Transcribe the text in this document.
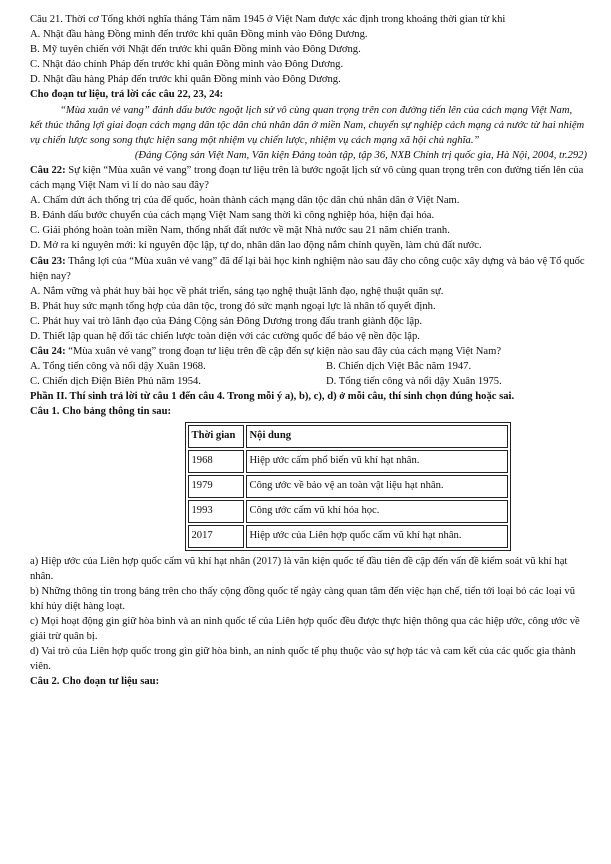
Câu 21. Thời cơ Tổng khởi nghĩa tháng Tám năm 1945 ở Việt Nam được xác định trong khoảng thời gian từ khi

A. Nhật đầu hàng Đồng minh đến trước khi quân Đồng minh vào Đông Dương.

B. Mỹ tuyên chiến với Nhật đến trước khi quân Đồng minh vào Đông Dương.

C. Nhật đảo chính Pháp đến trước khi quân Đồng minh vào Đông Dương.

D. Nhật đầu hàng Pháp đến trước khi quân Đồng minh vào Đông Dương.

Cho đoạn tư liệu, trả lời các câu 22, 23, 24:

“Mùa xuân vẻ vang” đánh dấu bước ngoặt lịch sử vô cùng quan trọng trên con đường tiến lên của cách mạng Việt Nam, kết thúc thắng lợi giai đoạn cách mạng dân tộc dân chủ nhân dân ở miền Nam, chuyển sự nghiệp cách mạng cả nước từ hai nhiệm vụ chiến lược song song thực hiện sang một nhiệm vụ chiến lược, nhiệm vụ cách mạng xã hội chủ nghĩa.”

(Đảng Cộng sản Việt Nam, Văn kiện Đảng toàn tập, tập 36, NXB Chính trị quốc gia, Hà Nội, 2004, tr.292)

Câu 22: Sự kiện “Mùa xuân vẻ vang” trong đoạn tư liệu trên là bước ngoặt lịch sử vô cùng quan trọng trên con đường tiến lên của cách mạng Việt Nam vì lí do nào sau đây?

A. Chấm dứt ách thống trị của đế quốc, hoàn thành cách mạng dân tộc dân chủ nhân dân ở Việt Nam.

B. Đánh dấu bước chuyển của cách mạng Việt Nam sang thời kì công nghiệp hóa, hiện đại hóa.

C. Giải phóng hoàn toàn miền Nam, thống nhất đất nước về mặt Nhà nước sau 21 năm chiến tranh.

D. Mở ra kỉ nguyên mới: kỉ nguyên độc lập, tự do, nhân dân lao động nắm chính quyền, làm chủ đất nước.

Câu 23: Thắng lợi của “Mùa xuân vẻ vang” đã để lại bài học kinh nghiệm nào sau đây cho công cuộc xây dựng và bảo vệ Tổ quốc hiện nay?

A. Nắm vững và phát huy bài học về phát triển, sáng tạo nghệ thuật lãnh đạo, nghệ thuật quân sự.

B. Phát huy sức mạnh tổng hợp của dân tộc, trong đó sức mạnh ngoại lực là nhân tố quyết định.

C. Phát huy vai trò lãnh đạo của Đảng Cộng sản Đông Dương trong đấu tranh giành độc lập.

D. Thiết lập quan hệ đối tác chiến lược toàn diện với các cường quốc để bảo vệ nền độc lập.

Câu 24: “Mùa xuân vẻ vang” trong đoạn tư liệu trên đề cập đến sự kiện nào sau đây của cách mạng Việt Nam?

A. Tổng tiến công và nổi dậy Xuân 1968.	B. Chiến dịch Việt Bắc năm 1947.
C. Chiến dịch Điện Biên Phủ năm 1954.	D. Tổng tiến công và nổi dậy Xuân 1975.

Phần II. Thí sinh trả lời từ câu 1 đến câu 4. Trong mỗi ý a), b), c), d) ở mỗi câu, thí sinh chọn đúng hoặc sai.

Câu 1. Cho bảng thông tin sau:

Thời gian	Nội dung
1968	Hiệp ước cấm phổ biến vũ khí hạt nhân.
1979	Công ước về bảo vệ an toàn vật liệu hạt nhân.
1993	Công ước cấm vũ khí hóa học.
2017	Hiệp ước của Liên hợp quốc cấm vũ khí hạt nhân.

a) Hiệp ước của Liên hợp quốc cấm vũ khí hạt nhân (2017) là văn kiện quốc tế đầu tiên đề cập đến vấn đề kiểm soát vũ khí hạt nhân.

b) Những thông tin trong bảng trên cho thấy cộng đồng quốc tế ngày càng quan tâm đến việc hạn chế, tiến tới loại bỏ các loại vũ khí hủy diệt hàng loạt.

c) Mọi hoạt động gìn giữ hòa bình và an ninh quốc tế của Liên hợp quốc đều được thực hiện thông qua các hiệp ước, công ước về giải trừ quân bị.

d) Vai trò của Liên hợp quốc trong gìn giữ hòa bình, an ninh quốc tế phụ thuộc vào sự hợp tác và cam kết của các quốc gia thành viên.

Câu 2. Cho đoạn tư liệu sau:
